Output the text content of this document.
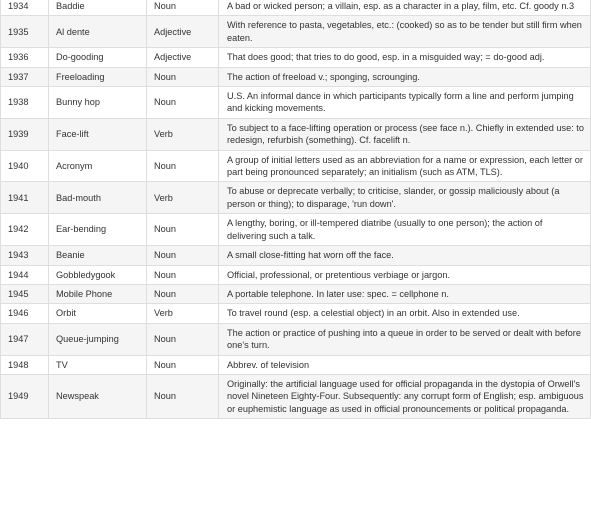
1934	Baddie	Noun	A bad or wicked person; a villain, esp. as a character in a play, film, etc. Cf. goody n.3
1935	Al dente	Adjective	With reference to pasta, vegetables, etc.: (cooked) so as to be tender but still firm when eaten.
1936	Do-gooding	Adjective	That does good; that tries to do good, esp. in a misguided way; = do-good adj.
1937	Freeloading	Noun	The action of freeload v.; sponging, scrounging.
1938	Bunny hop	Noun	U.S. An informal dance in which participants typically form a line and perform jumping and kicking movements.
1939	Face-lift	Verb	To subject to a face-lifting operation or process (see face n.). Chiefly in extended use: to redesign, refurbish (something). Cf. facelift n.
1940	Acronym	Noun	A group of initial letters used as an abbreviation for a name or expression, each letter or part being pronounced separately; an initialism (such as ATM, TLS).
1941	Bad-mouth	Verb	To abuse or deprecate verbally; to criticise, slander, or gossip maliciously about (a person or thing); to disparage, 'run down'.
1942	Ear-bending	Noun	A lengthy, boring, or ill-tempered diatribe (usually to one person); the action of delivering such a talk.
1943	Beanie	Noun	A small close-fitting hat worn off the face.
1944	Gobbledygook	Noun	Official, professional, or pretentious verbiage or jargon.
1945	Mobile Phone	Noun	A portable telephone. In later use: spec. = cellphone n.
1946	Orbit	Verb	To travel round (esp. a celestial object) in an orbit. Also in extended use.
1947	Queue-jumping	Noun	The action or practice of pushing into a queue in order to be served or dealt with before one's turn.
1948	TV	Noun	Abbrev. of television
1949	Newspeak	Noun	Originally: the artificial language used for official propaganda in the dystopia of Orwell's novel Nineteen Eighty-Four. Subsequently: any corrupt form of English; esp. ambiguous or euphemistic language as used in official pronouncements or political propaganda.
